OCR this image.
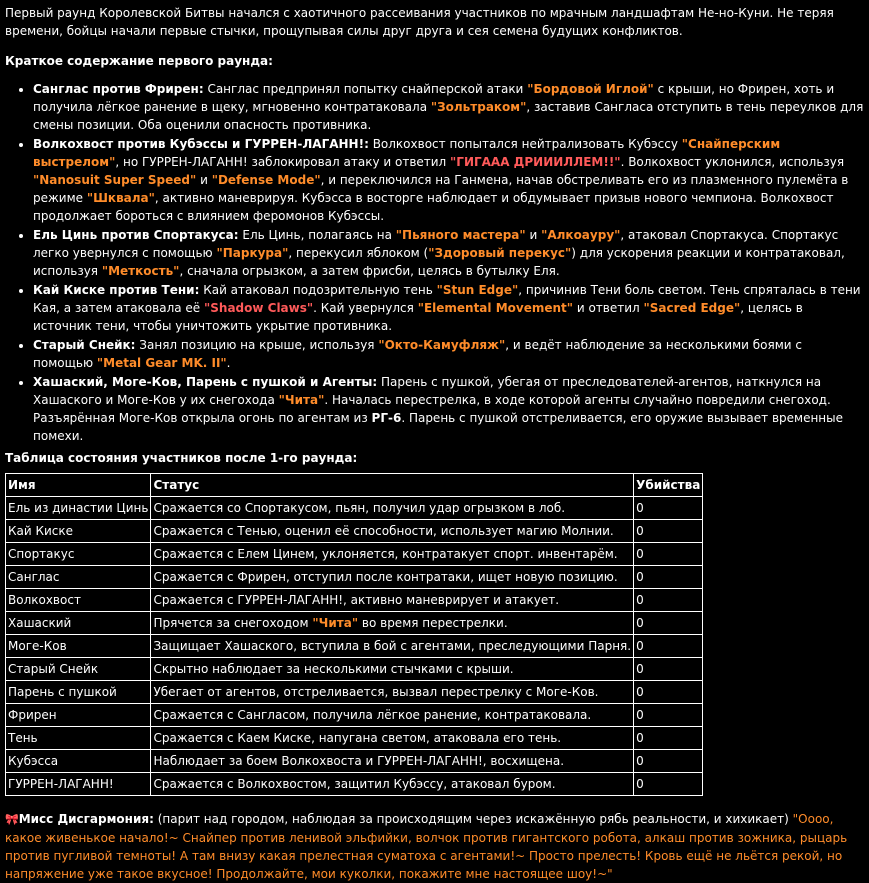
Первый раунд Королевской Битвы начался с хаотичного рассеивания участников по мрачным ландшафтам Не-но-Куни. Не теряя времени, бойцы начали первые стычки, прощупывая силы друг друга и сея семена будущих конфликтов.

Краткое содержание первого раунда:

• Санглас против Фрирен: Санглас предпринял попытку снайперской атаки "Бордовой Иглой" с крыши, но Фрирен, хоть и получила лёгкое ранение в щеку, мгновенно контратаковала "Зольтраком", заставив Сангласа отступить в тень переулков для смены позиции. Оба оценили опасность противника.
• Волкохвост против Кубэссы и ГУРРЕН-ЛАГАНН!: Волкохвост попытался нейтрализовать Кубэссу "Снайперским выстрелом", но ГУРРЕН-ЛАГАНН! заблокировал атаку и ответил "ГИГААА ДРИИИЛЛЕМ!!". Волкохвост уклонился, используя "Nanosuit Super Speed" и "Defense Mode", и переключился на Ганмена, начав обстреливать его из плазменного пулемёта в режиме "Шквала", активно маневрируя. Кубэсса в восторге наблюдает и обдумывает призыв нового чемпиона. Волкохвост продолжает бороться с влиянием феромонов Кубэссы.
• Ель Цинь против Спортакуса: Ель Цинь, полагаясь на "Пьяного мастера" и "Алкоауру", атаковал Спортакуса. Спортакус легко увернулся с помощью "Паркура", перекусил яблоком ("Здоровый перекус") для ускорения реакции и контратаковал, используя "Меткость", сначала огрызком, а затем фрисби, целясь в бутылку Еля.
• Кай Киске против Тени: Кай атаковал подозрительную тень "Stun Edge", причинив Тени боль светом. Тень спряталась в тени Кая, а затем атаковала её "Shadow Claws". Кай увернулся "Elemental Movement" и ответил "Sacred Edge", целясь в источник тени, чтобы уничтожить укрытие противника.
• Старый Снейк: Занял позицию на крыше, используя "Окто-Камуфляж", и ведёт наблюдение за несколькими боями с помощью "Metal Gear MK. II".
• Хашаский, Моге-Ков, Парень с пушкой и Агенты: Парень с пушкой, убегая от преследователей-агентов, наткнулся на Хашаского и Моге-Ков у их снегохода "Чита". Началась перестрелка, в ходе которой агенты случайно повредили снегоход. Разъярённая Моге-Ков открыла огонь по агентам из РГ-6. Парень с пушкой отстреливается, его оружие вызывает временные помехи.

Таблица состояния участников после 1-го раунда:

Имя	Статус	Убийства
Ель из династии Цинь	Сражается со Спортакусом, пьян, получил удар огрызком в лоб.	0
Кай Киске	Сражается с Тенью, оценил её способности, использует магию Молнии.	0
Спортакус	Сражается с Елем Цинем, уклоняется, контратакует спорт. инвентарём.	0
Санглас	Сражается с Фрирен, отступил после контратаки, ищет новую позицию.	0
Волкохвост	Сражается с ГУРРЕН-ЛАГАНН!, активно маневрирует и атакует.	0
Хашаский	Прячется за снегоходом "Чита" во время перестрелки.	0
Моге-Ков	Защищает Хашаского, вступила в бой с агентами, преследующими Парня.	0
Старый Снейк	Скрытно наблюдает за несколькими стычками с крыши.	0
Парень с пушкой	Убегает от агентов, отстреливается, вызвал перестрелку с Моге-Ков.	0
Фрирен	Сражается с Сангласом, получила лёгкое ранение, контратаковала.	0
Тень	Сражается с Каем Киске, напугана светом, атаковала его тень.	0
Кубэсса	Наблюдает за боем Волкохвоста и ГУРРЕН-ЛАГАНН!, восхищена.	0
ГУРРЕН-ЛАГАНН!	Сражается с Волкохвостом, защитил Кубэссу, атаковал буром.	0

🎀Мисс Дисгармония: (парит над городом, наблюдая за происходящим через искажённую рябь реальности, и хихикает) "Оооо, какое живенькое начало!~ Снайпер против ленивой эльфийки, волчок против гигантского робота, алкаш против зожника, рыцарь против пугливой темноты! А там внизу какая прелестная суматоха с агентами!~ Просто прелесть! Кровь ещё не льётся рекой, но напряжение уже такое вкусное! Продолжайте, мои куколки, покажите мне настоящее шоу!~"
